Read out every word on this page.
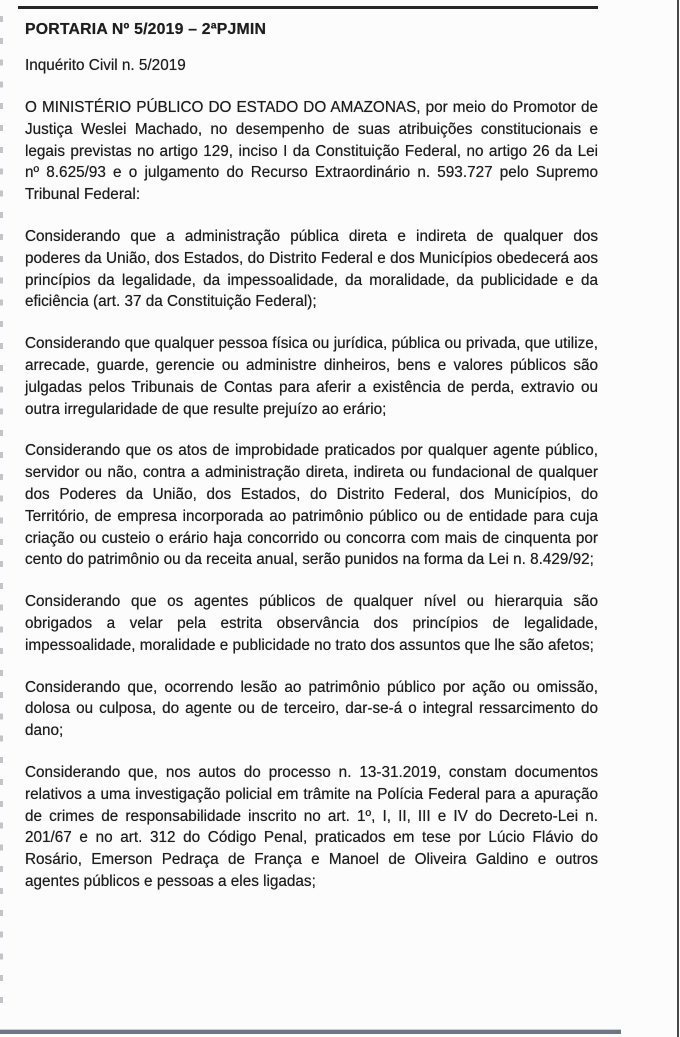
PORTARIA Nº 5/2019 – 2ªPJMIN

Inquérito Civil n. 5/2019

O MINISTÉRIO PÚBLICO DO ESTADO DO AMAZONAS, por meio do Promotor de Justiça Weslei Machado, no desempenho de suas atribuições constitucionais e legais previstas no artigo 129, inciso I da Constituição Federal, no artigo 26 da Lei nº 8.625/93 e o julgamento do Recurso Extraordinário n. 593.727 pelo Supremo Tribunal Federal:

Considerando que a administração pública direta e indireta de qualquer dos poderes da União, dos Estados, do Distrito Federal e dos Municípios obedecerá aos princípios da legalidade, da impessoalidade, da moralidade, da publicidade e da eficiência (art. 37 da Constituição Federal);

Considerando que qualquer pessoa física ou jurídica, pública ou privada, que utilize, arrecade, guarde, gerencie ou administre dinheiros, bens e valores públicos são julgadas pelos Tribunais de Contas para aferir a existência de perda, extravio ou outra irregularidade de que resulte prejuízo ao erário;

Considerando que os atos de improbidade praticados por qualquer agente público, servidor ou não, contra a administração direta, indireta ou fundacional de qualquer dos Poderes da União, dos Estados, do Distrito Federal, dos Municípios, do Território, de empresa incorporada ao patrimônio público ou de entidade para cuja criação ou custeio o erário haja concorrido ou concorra com mais de cinquenta por cento do patrimônio ou da receita anual, serão punidos na forma da Lei n. 8.429/92;

Considerando que os agentes públicos de qualquer nível ou hierarquia são obrigados a velar pela estrita observância dos princípios de legalidade, impessoalidade, moralidade e publicidade no trato dos assuntos que lhe são afetos;

Considerando que, ocorrendo lesão ao patrimônio público por ação ou omissão, dolosa ou culposa, do agente ou de terceiro, dar-se-á o integral ressarcimento do dano;

Considerando que, nos autos do processo n. 13-31.2019, constam documentos relativos a uma investigação policial em trâmite na Polícia Federal para a apuração de crimes de responsabilidade inscrito no art. 1º, I, II, III e IV do Decreto-Lei n. 201/67 e no art. 312 do Código Penal, praticados em tese por Lúcio Flávio do Rosário, Emerson Pedraça de França e Manoel de Oliveira Galdino e outros agentes públicos e pessoas a eles ligadas;
